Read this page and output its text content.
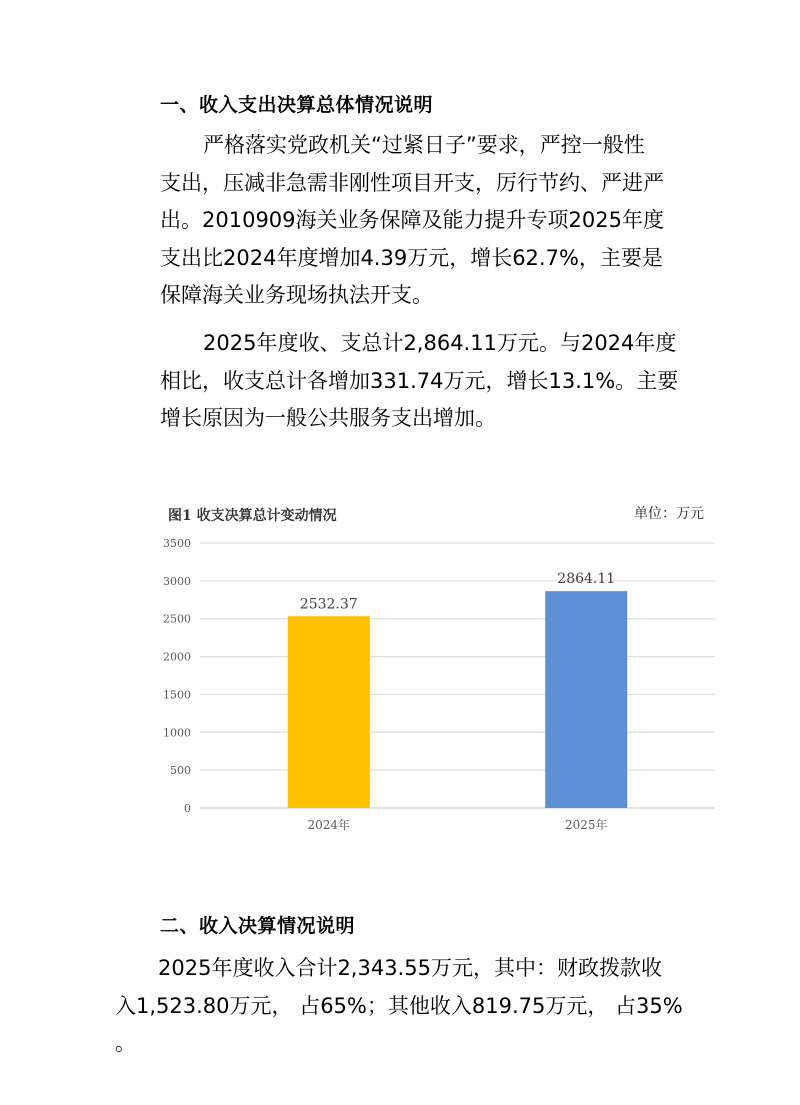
一、收入支出决算总体情况说明
严格落实党政机关“过紧日子”要求，严控一般性
支出，压减非急需非刚性项目开支，厉行节约、严进严
出。2010909海关业务保障及能力提升专项2025年度
支出比2024年度增加4.39万元，增长62.7%，主要是
保障海关业务现场执法开支。
2025年度收、支总计2,864.11万元。与2024年度
相比，收支总计各增加331.74万元，增长13.1%。主要
增长原因为一般公共服务支出增加。
图1 收支决算总计变动情况	单位：万元
0
500
1000
1500
2000
2500
3000
3500
2532.37
2024年
2864.11
2025年
二、收入决算情况说明
2025年度收入合计2,343.55万元，其中：财政拨款收
入1,523.80万元， 占65%；其他收入819.75万元， 占35%
。
